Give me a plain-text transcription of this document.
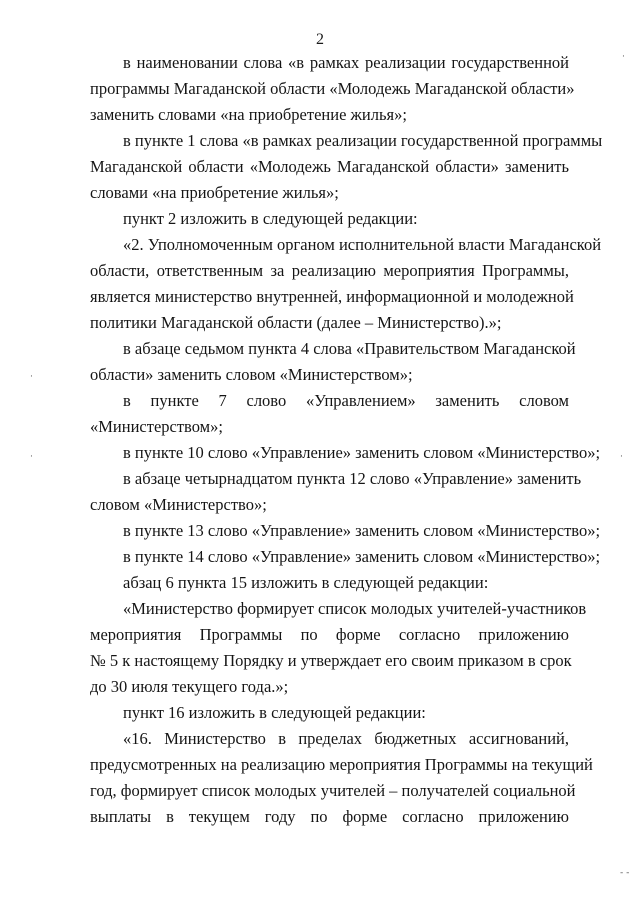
2
в наименовании слова «в рамках реализации государственной
программы Магаданской области «Молодежь Магаданской области»
заменить словами «на приобретение жилья»;
в пункте 1 слова «в рамках реализации государственной программы
Магаданской области «Молодежь Магаданской области» заменить
словами «на приобретение жилья»;
пункт 2 изложить в следующей редакции:
«2. Уполномоченным органом исполнительной власти Магаданской
области, ответственным за реализацию мероприятия Программы,
является министерство внутренней, информационной и молодежной
политики Магаданской области (далее – Министерство).»;
в абзаце седьмом пункта 4 слова «Правительством Магаданской
области» заменить словом «Министерством»;
в пункте 7 слово «Управлением» заменить словом
«Министерством»;
в пункте 10 слово «Управление» заменить словом «Министерство»;
в абзаце четырнадцатом пункта 12 слово «Управление» заменить
словом «Министерство»;
в пункте 13 слово «Управление» заменить словом «Министерство»;
в пункте 14 слово «Управление» заменить словом «Министерство»;
абзац 6 пункта 15 изложить в следующей редакции:
«Министерство формирует список молодых учителей-участников
мероприятия Программы по форме согласно приложению
№ 5 к настоящему Порядку и утверждает его своим приказом в срок
до 30 июля текущего года.»;
пункт 16 изложить в следующей редакции:
«16. Министерство в пределах бюджетных ассигнований,
предусмотренных на реализацию мероприятия Программы на текущий
год, формирует список молодых учителей – получателей социальной
выплаты в текущем году по форме согласно приложению
·
·
·	·
- -
